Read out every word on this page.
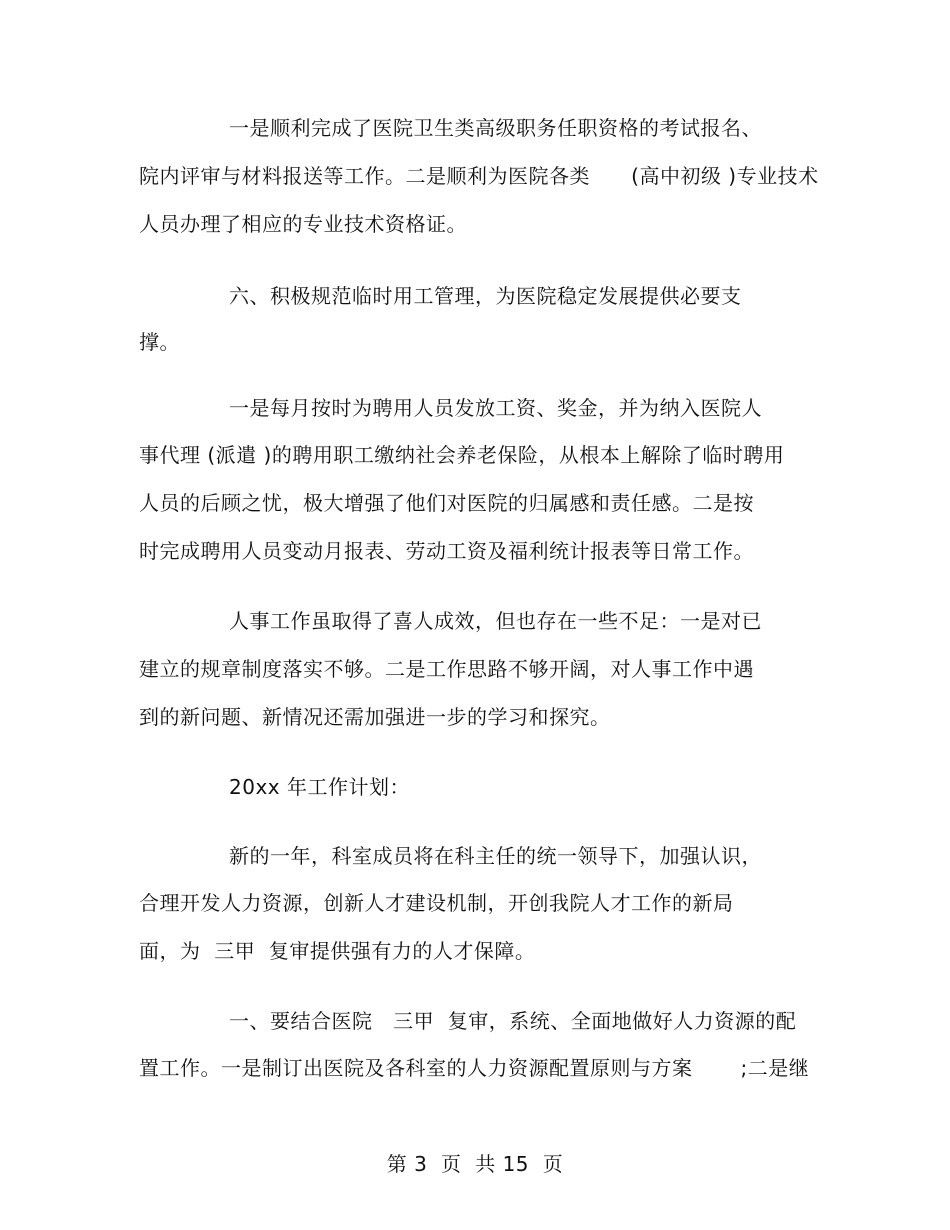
一是顺利完成了医院卫生类高级职务任职资格的考试报名、
院内评审与材料报送等工作。二是顺利为医院各类      (高中初级 )专业技术
人员办理了相应的专业技术资格证。
六、积极规范临时用工管理，为医院稳定发展提供必要支
撑。
一是每月按时为聘用人员发放工资、奖金，并为纳入医院人
事代理 (派遣 )的聘用职工缴纳社会养老保险，从根本上解除了临时聘用
人员的后顾之忧，极大增强了他们对医院的归属感和责任感。二是按
时完成聘用人员变动月报表、劳动工资及福利统计报表等日常工作。
人事工作虽取得了喜人成效，但也存在一些不足：一是对已
建立的规章制度落实不够。二是工作思路不够开阔，对人事工作中遇
到的新问题、新情况还需加强进一步的学习和探究。
20xx 年工作计划：
新的一年，科室成员将在科主任的统一领导下，加强认识，
合理开发人力资源，创新人才建设机制，开创我院人才工作的新局
面，为  三甲  复审提供强有力的人才保障。
一、要结合医院   三甲  复审，系统、全面地做好人力资源的配
置工作。一是制订出医院及各科室的人力资源配置原则与方案       ;二是继
第 3  页  共 15  页
